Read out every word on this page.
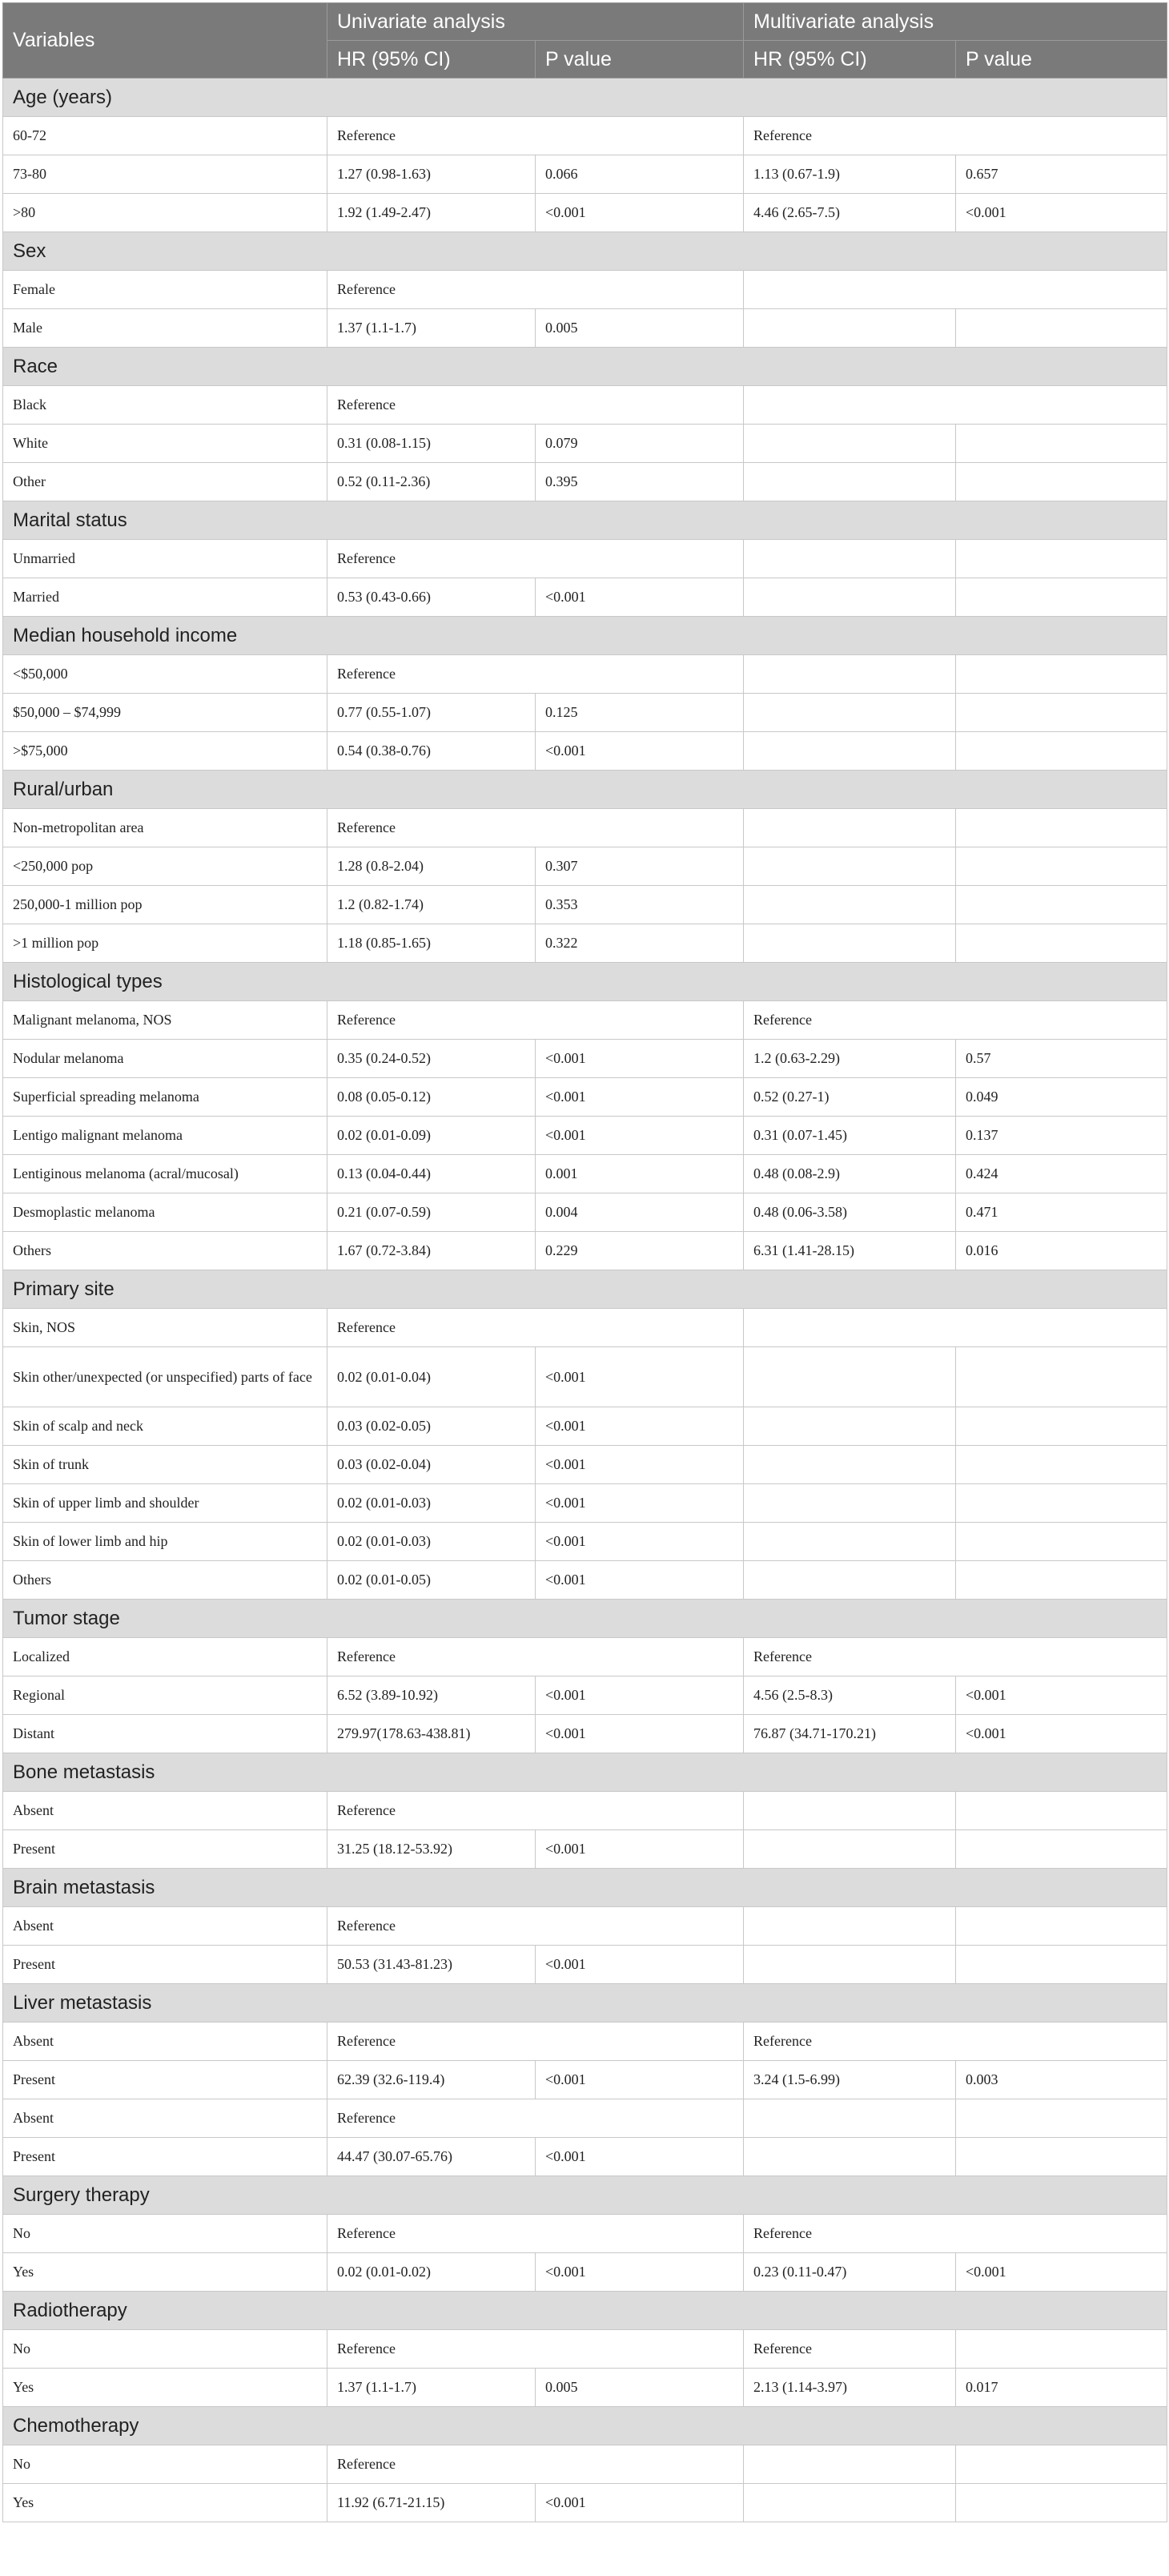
Variables	Univariate analysis		Multivariate analysis	
	HR (95% CI)	P value	HR (95% CI)	P value
Age (years)				
60-72	Reference		Reference	
73-80	1.27 (0.98-1.63)	0.066	1.13 (0.67-1.9)	0.657
>80	1.92 (1.49-2.47)	<0.001	4.46 (2.65-7.5)	<0.001
Sex				
Female	Reference			
Male	1.37 (1.1-1.7)	0.005		
Race				
Black	Reference			
White	0.31 (0.08-1.15)	0.079		
Other	0.52 (0.11-2.36)	0.395		
Marital status				
Unmarried	Reference			
Married	0.53 (0.43-0.66)	<0.001		
Median household income				
<$50,000	Reference			
$50,000 – $74,999	0.77 (0.55-1.07)	0.125		
>$75,000	0.54 (0.38-0.76)	<0.001		
Rural/urban				
Non-metropolitan area	Reference			
<250,000 pop	1.28 (0.8-2.04)	0.307		
250,000-1 million pop	1.2 (0.82-1.74)	0.353		
>1 million pop	1.18 (0.85-1.65)	0.322		
Histological types				
Malignant melanoma, NOS	Reference		Reference	
Nodular melanoma	0.35 (0.24-0.52)	<0.001	1.2 (0.63-2.29)	0.57
Superficial spreading melanoma	0.08 (0.05-0.12)	<0.001	0.52 (0.27-1)	0.049
Lentigo malignant melanoma	0.02 (0.01-0.09)	<0.001	0.31 (0.07-1.45)	0.137
Lentiginous melanoma (acral/mucosal)	0.13 (0.04-0.44)	0.001	0.48 (0.08-2.9)	0.424
Desmoplastic melanoma	0.21 (0.07-0.59)	0.004	0.48 (0.06-3.58)	0.471
Others	1.67 (0.72-3.84)	0.229	6.31 (1.41-28.15)	0.016
Primary site				
Skin, NOS	Reference			
Skin other/unexpected (or unspecified) parts of face	0.02 (0.01-0.04)	<0.001		
Skin of scalp and neck	0.03 (0.02-0.05)	<0.001		
Skin of trunk	0.03 (0.02-0.04)	<0.001		
Skin of upper limb and shoulder	0.02 (0.01-0.03)	<0.001		
Skin of lower limb and hip	0.02 (0.01-0.03)	<0.001		
Others	0.02 (0.01-0.05)	<0.001		
Tumor stage				
Localized	Reference		Reference	
Regional	6.52 (3.89-10.92)	<0.001	4.56 (2.5-8.3)	<0.001
Distant	279.97(178.63-438.81)	<0.001	76.87 (34.71-170.21)	<0.001
Bone metastasis				
Absent	Reference			
Present	31.25 (18.12-53.92)	<0.001		
Brain metastasis				
Absent	Reference			
Present	50.53 (31.43-81.23)	<0.001		
Liver metastasis				
Absent	Reference		Reference	
Present	62.39 (32.6-119.4)	<0.001	3.24 (1.5-6.99)	0.003
Absent	Reference			
Present	44.47 (30.07-65.76)	<0.001		
Surgery therapy				
No	Reference		Reference	
Yes	0.02 (0.01-0.02)	<0.001	0.23 (0.11-0.47)	<0.001
Radiotherapy				
No	Reference		Reference	
Yes	1.37 (1.1-1.7)	0.005	2.13 (1.14-3.97)	0.017
Chemotherapy				
No	Reference			
Yes	11.92 (6.71-21.15)	<0.001		
